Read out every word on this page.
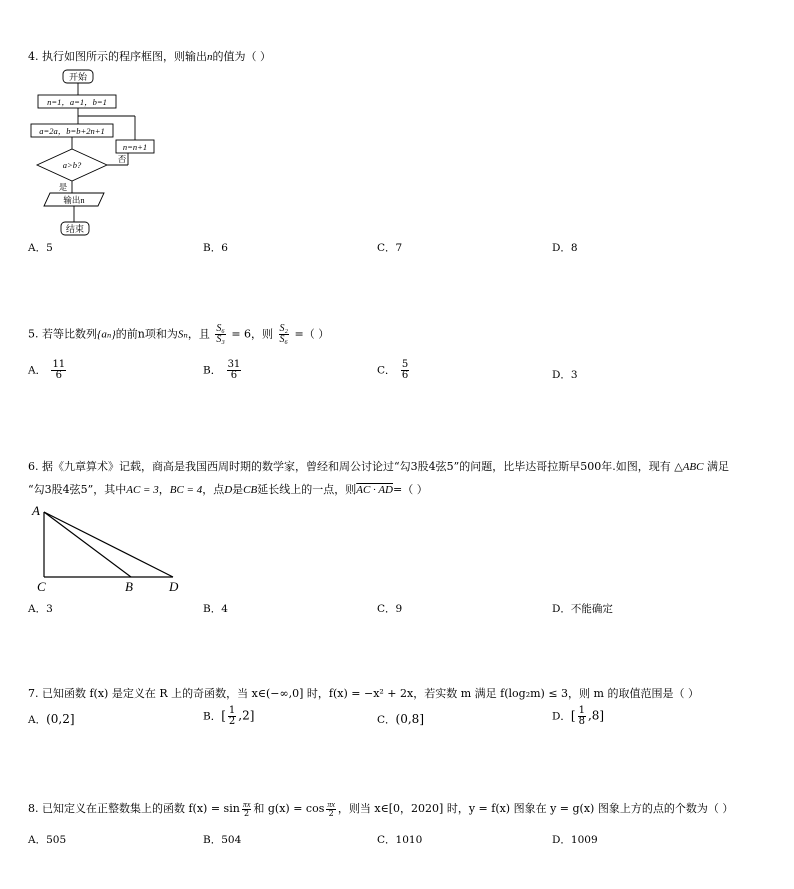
4. 执行如图所示的程序框图，则输出n的值为（ ）
开始
n=1，a=1，b=1
a=2a，b=b+2n+1
a>b?
否
n=n+1
是
输出n
结束
A．5	B．6	C．7	D．8
5. 若等比数列{aₙ}的前n项和为Sₙ，且 $\frac{\text{S₆}}{\text{S₃}} = 6$，则 $\frac{\text{S₂}}{\text{S₆}}$ =（ ）
A． $\frac{11}{6}$	B． $\frac{31}{6}$	C． $\frac{5}{6}$	D．3
6. 据《九章算术》记载，商高是我国西周时期的数学家，曾经和周公讨论过“勾3股4弦5”的问题，比毕达哥拉斯早500年.如图，现有 △ABC 满足
“勾3股4弦5”，其中AC = 3，BC = 4，点D是CB延长线上的一点，则AC · AD=（ ）
A
C	B	D
A．3	B．4	C．9	D．不能确定
7. 已知函数 f(x) 是定义在 R 上的奇函数，当 x∈(−∞,0] 时，f(x) = −x² + 2x，若实数 m 满足 f(log₂m) ≤ 3，则 m 的取值范围是（ ）
A．(0,2]	B．[ $\frac{1}{2} ,2$]	C．(0,8]	D．[ $\frac{1}{8} ,8$]
8. 已知定义在正整数集上的函数 $f(x) = \sin \frac{\pi x}{2}$ 和 $g(x) = \cos \frac{\pi x}{2}$ ，则当 x∈[0，2020] 时，y = f(x) 图象在 y = g(x) 图象上方的点的个数为（ ）
A．505	B．504	C．1010	D．1009
